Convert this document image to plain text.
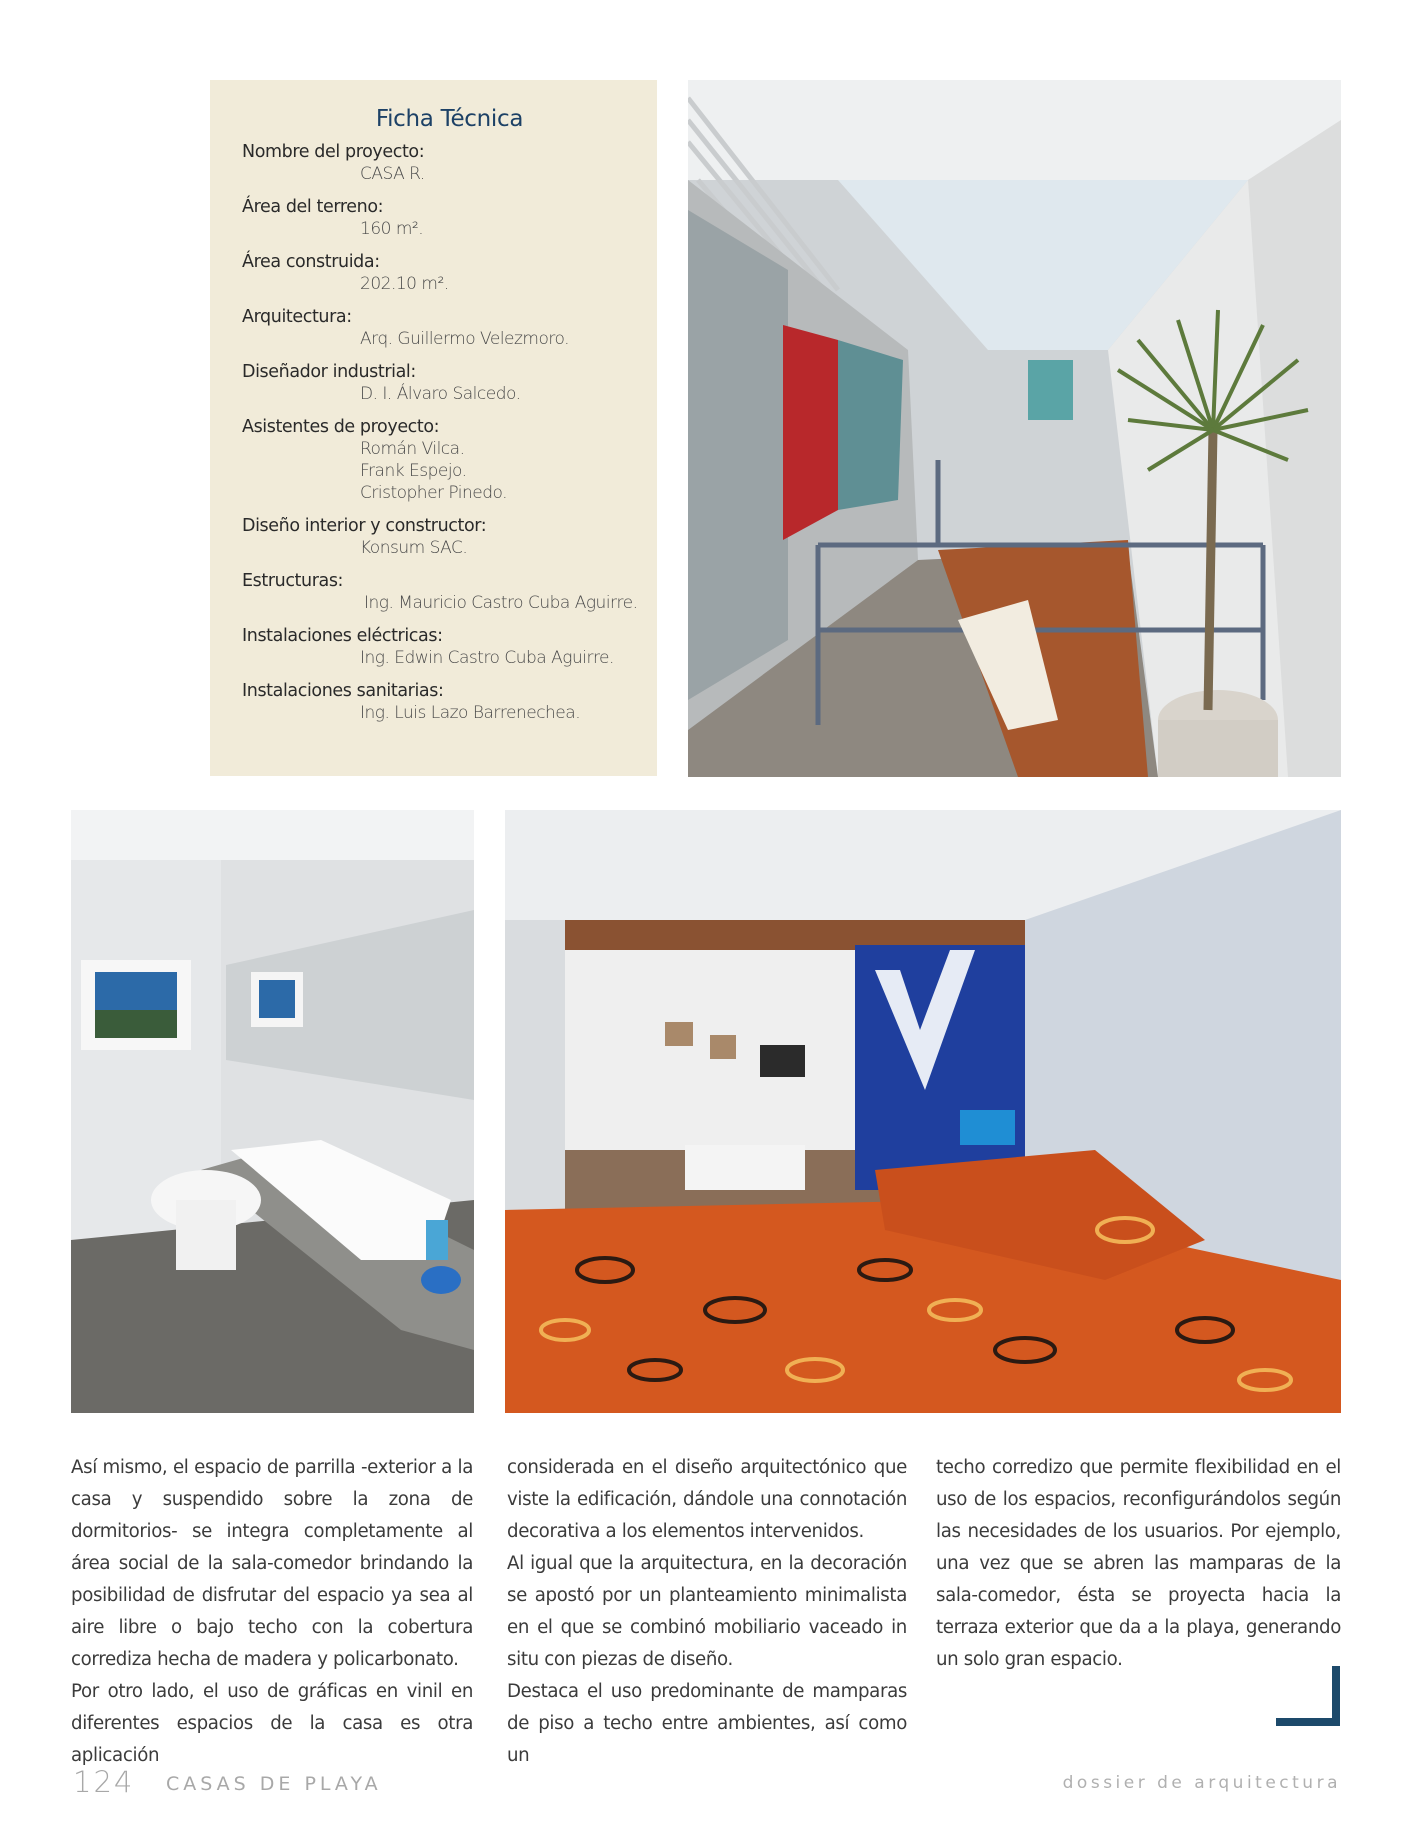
Ficha Técnica
Nombre del proyecto:
CASA R.
Área del terreno:
160 m².
Área construida:
202.10 m².
Arquitectura:
Arq. Guillermo Velezmoro.
Diseñador industrial:
D. I. Álvaro Salcedo.
Asistentes de proyecto:
Román Vilca.
Frank Espejo.
Cristopher Pinedo.
Diseño interior y constructor:
Konsum SAC.
Estructuras:
Ing. Mauricio Castro Cuba Aguirre.
Instalaciones eléctricas:
Ing. Edwin Castro Cuba Aguirre.
Instalaciones sanitarias:
Ing. Luis Lazo Barrenechea.

Así mismo, el espacio de parrilla -exterior a la casa y suspendido sobre la zona de dormitorios- se integra completamente al área social de la sala-comedor brindando la posibilidad de disfrutar del espacio ya sea al aire libre o bajo techo con la cobertura corrediza hecha de madera y policarbonato.

Por otro lado, el uso de gráficas en vinil en diferentes espacios de la casa es otra aplicación

considerada en el diseño arquitectónico que viste la edificación, dándole una connotación decorativa a los elementos intervenidos.

Al igual que la arquitectura, en la decoración se apostó por un planteamiento minimalista en el que se combinó mobiliario vaceado in situ con piezas de diseño.

Destaca el uso predominante de mamparas de piso a techo entre ambientes, así como un

techo corredizo que permite flexibilidad en el uso de los espacios, reconfigurándolos según las necesidades de los usuarios. Por ejemplo, una vez que se abren las mamparas de la sala-comedor, ésta se proyecta hacia la terraza exterior que da a la playa, generando un solo gran espacio.

124 CASAS DE PLAYA	dossier de arquitectura
